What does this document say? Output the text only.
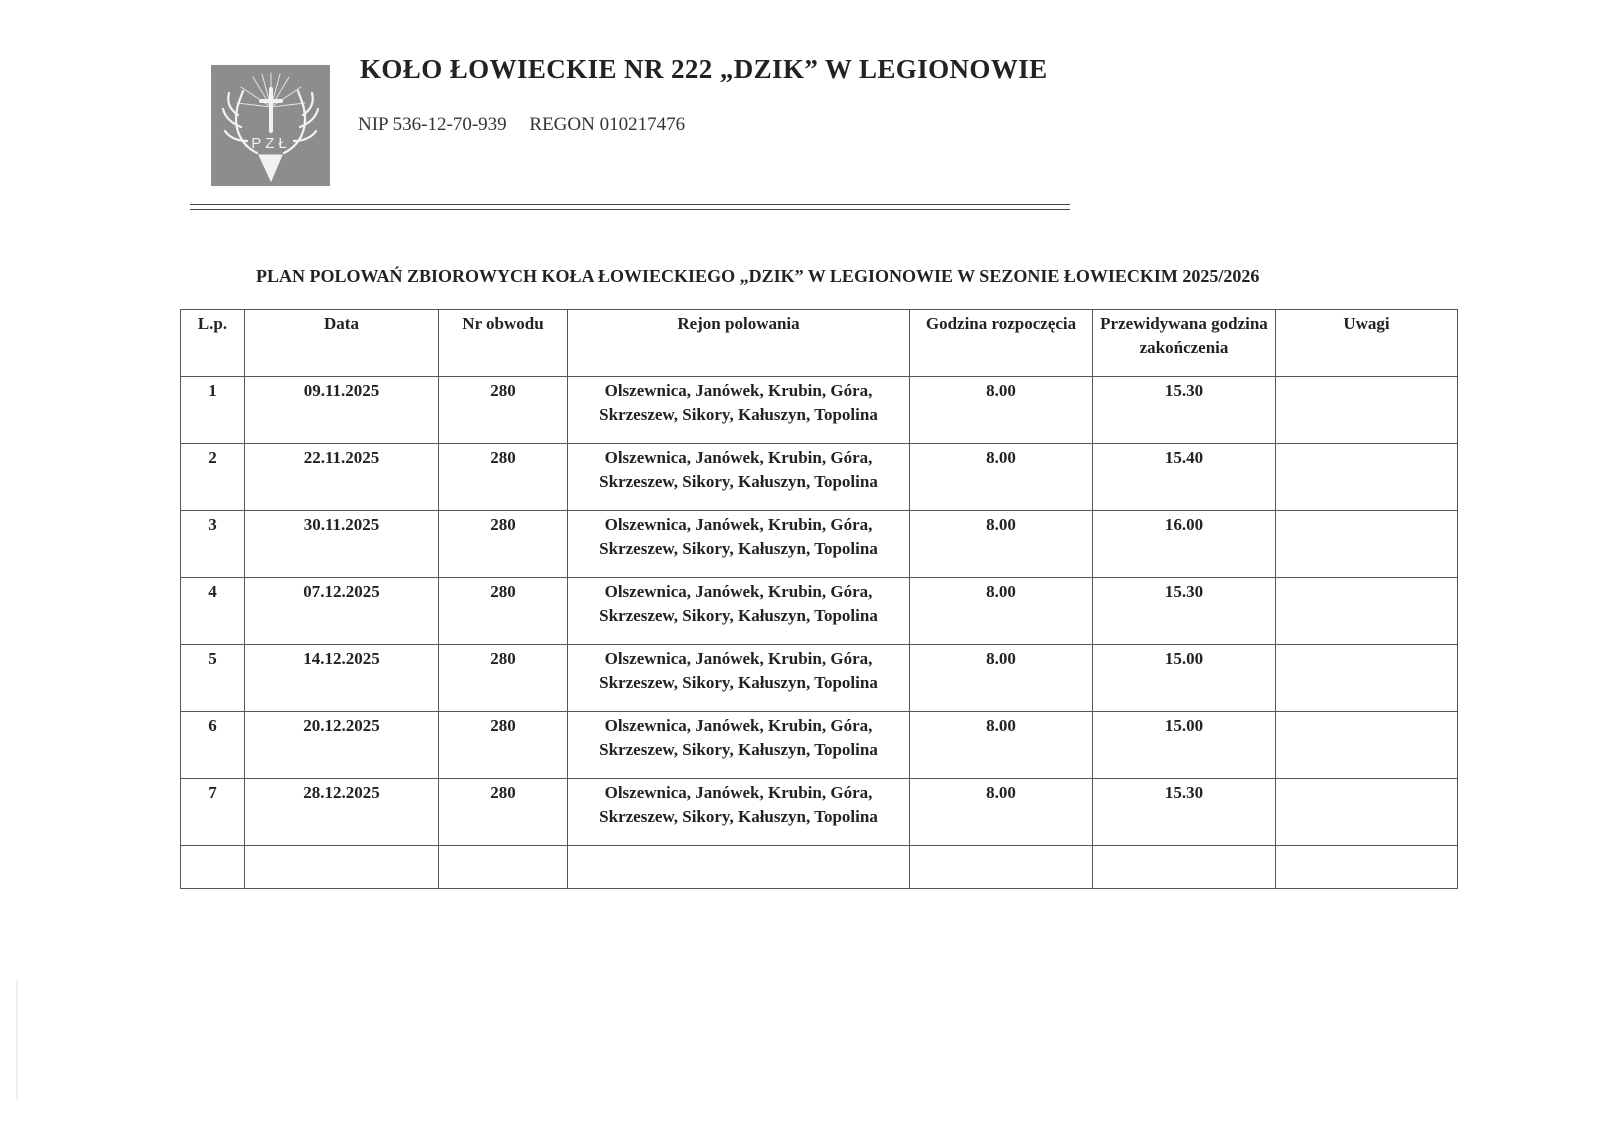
PZŁ
KOŁO ŁOWIECKIE NR 222 „DZIK” W LEGIONOWIE
NIP 536-12-70-939 REGON 010217476
PLAN POLOWAŃ ZBIOROWYCH KOŁA ŁOWIECKIEGO „DZIK” W LEGIONOWIE W SEZONIE ŁOWIECKIM 2025/2026
L.p.	Data	Nr obwodu	Rejon polowania	Godzina rozpoczęcia	Przewidywana godzina zakończenia	Uwagi
1	09.11.2025	280	Olszewnica, Janówek, Krubin, Góra,
Skrzeszew, Sikory, Kałuszyn, Topolina	8.00	15.30	
2	22.11.2025	280	Olszewnica, Janówek, Krubin, Góra,
Skrzeszew, Sikory, Kałuszyn, Topolina	8.00	15.40	
3	30.11.2025	280	Olszewnica, Janówek, Krubin, Góra,
Skrzeszew, Sikory, Kałuszyn, Topolina	8.00	16.00	
4	07.12.2025	280	Olszewnica, Janówek, Krubin, Góra,
Skrzeszew, Sikory, Kałuszyn, Topolina	8.00	15.30	
5	14.12.2025	280	Olszewnica, Janówek, Krubin, Góra,
Skrzeszew, Sikory, Kałuszyn, Topolina	8.00	15.00	
6	20.12.2025	280	Olszewnica, Janówek, Krubin, Góra,
Skrzeszew, Sikory, Kałuszyn, Topolina	8.00	15.00	
7	28.12.2025	280	Olszewnica, Janówek, Krubin, Góra,
Skrzeszew, Sikory, Kałuszyn, Topolina	8.00	15.30	
